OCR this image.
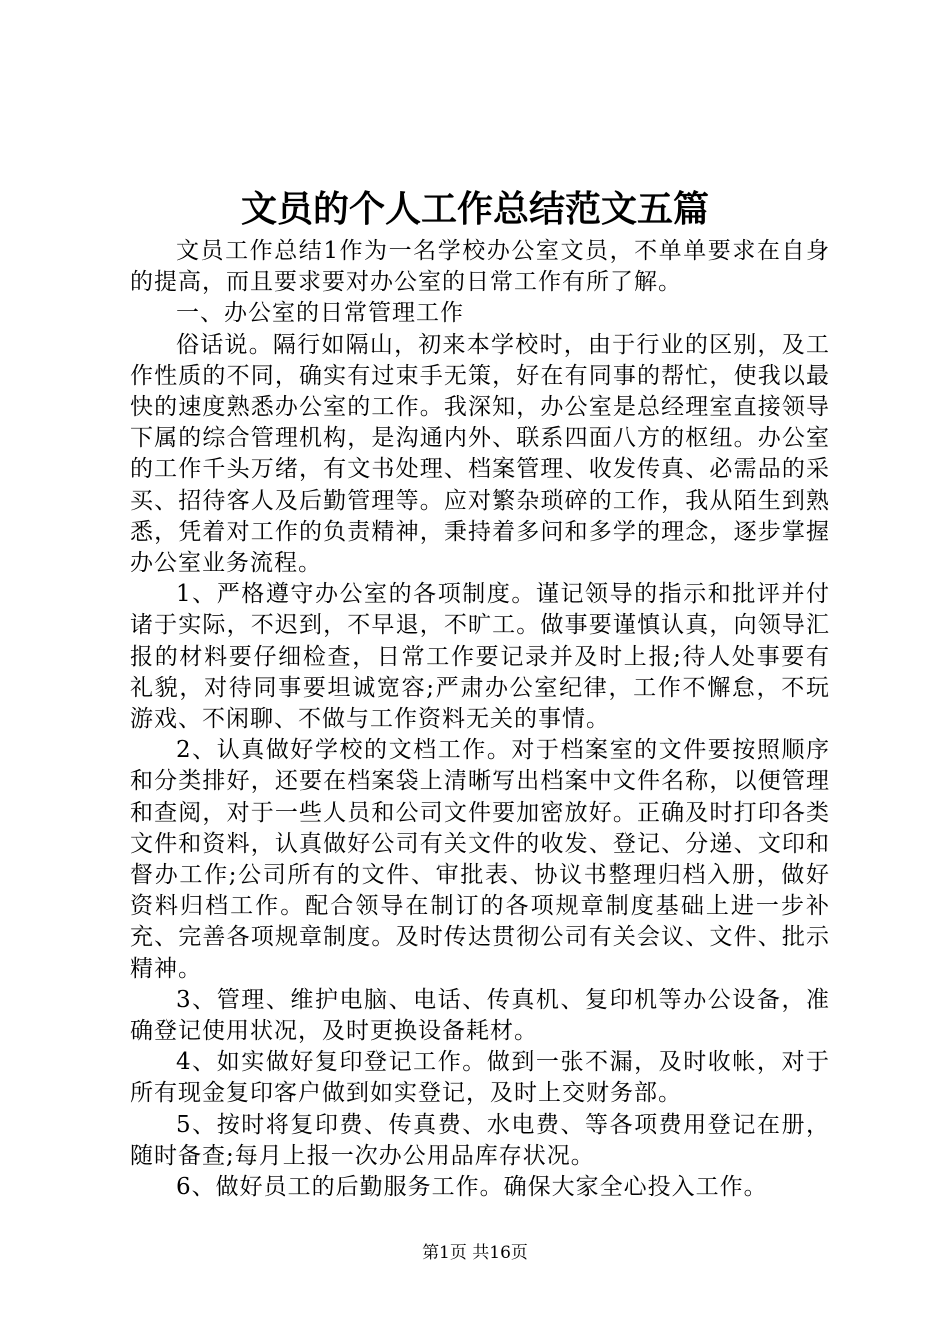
文员的个人工作总结范文五篇

文员工作总结1作为一名学校办公室文员，不单单要求在自身的提高，而且要求要对办公室的日常工作有所了解。

一、办公室的日常管理工作

俗话说。隔行如隔山，初来本学校时，由于行业的区别，及工作性质的不同，确实有过束手无策，好在有同事的帮忙，使我以最快的速度熟悉办公室的工作。我深知，办公室是总经理室直接领导下属的综合管理机构，是沟通内外、联系四面八方的枢纽。办公室的工作千头万绪，有文书处理、档案管理、收发传真、必需品的采买、招待客人及后勤管理等。应对繁杂琐碎的工作，我从陌生到熟悉，凭着对工作的负责精神，秉持着多问和多学的理念，逐步掌握办公室业务流程。

1、严格遵守办公室的各项制度。谨记领导的指示和批评并付诸于实际，不迟到，不早退，不旷工。做事要谨慎认真，向领导汇报的材料要仔细检查，日常工作要记录并及时上报;待人处事要有礼貌，对待同事要坦诚宽容;严肃办公室纪律，工作不懈怠，不玩游戏、不闲聊、不做与工作资料无关的事情。

2、认真做好学校的文档工作。对于档案室的文件要按照顺序和分类排好，还要在档案袋上清晰写出档案中文件名称，以便管理和查阅，对于一些人员和公司文件要加密放好。正确及时打印各类文件和资料，认真做好公司有关文件的收发、登记、分递、文印和督办工作;公司所有的文件、审批表、协议书整理归档入册，做好资料归档工作。配合领导在制订的各项规章制度基础上进一步补充、完善各项规章制度。及时传达贯彻公司有关会议、文件、批示精神。

3、管理、维护电脑、电话、传真机、复印机等办公设备，准确登记使用状况，及时更换设备耗材。

4、如实做好复印登记工作。做到一张不漏，及时收帐，对于所有现金复印客户做到如实登记，及时上交财务部。

5、按时将复印费、传真费、水电费、等各项费用登记在册，随时备查;每月上报一次办公用品库存状况。

6、做好员工的后勤服务工作。确保大家全心投入工作。

第1页 共16页
